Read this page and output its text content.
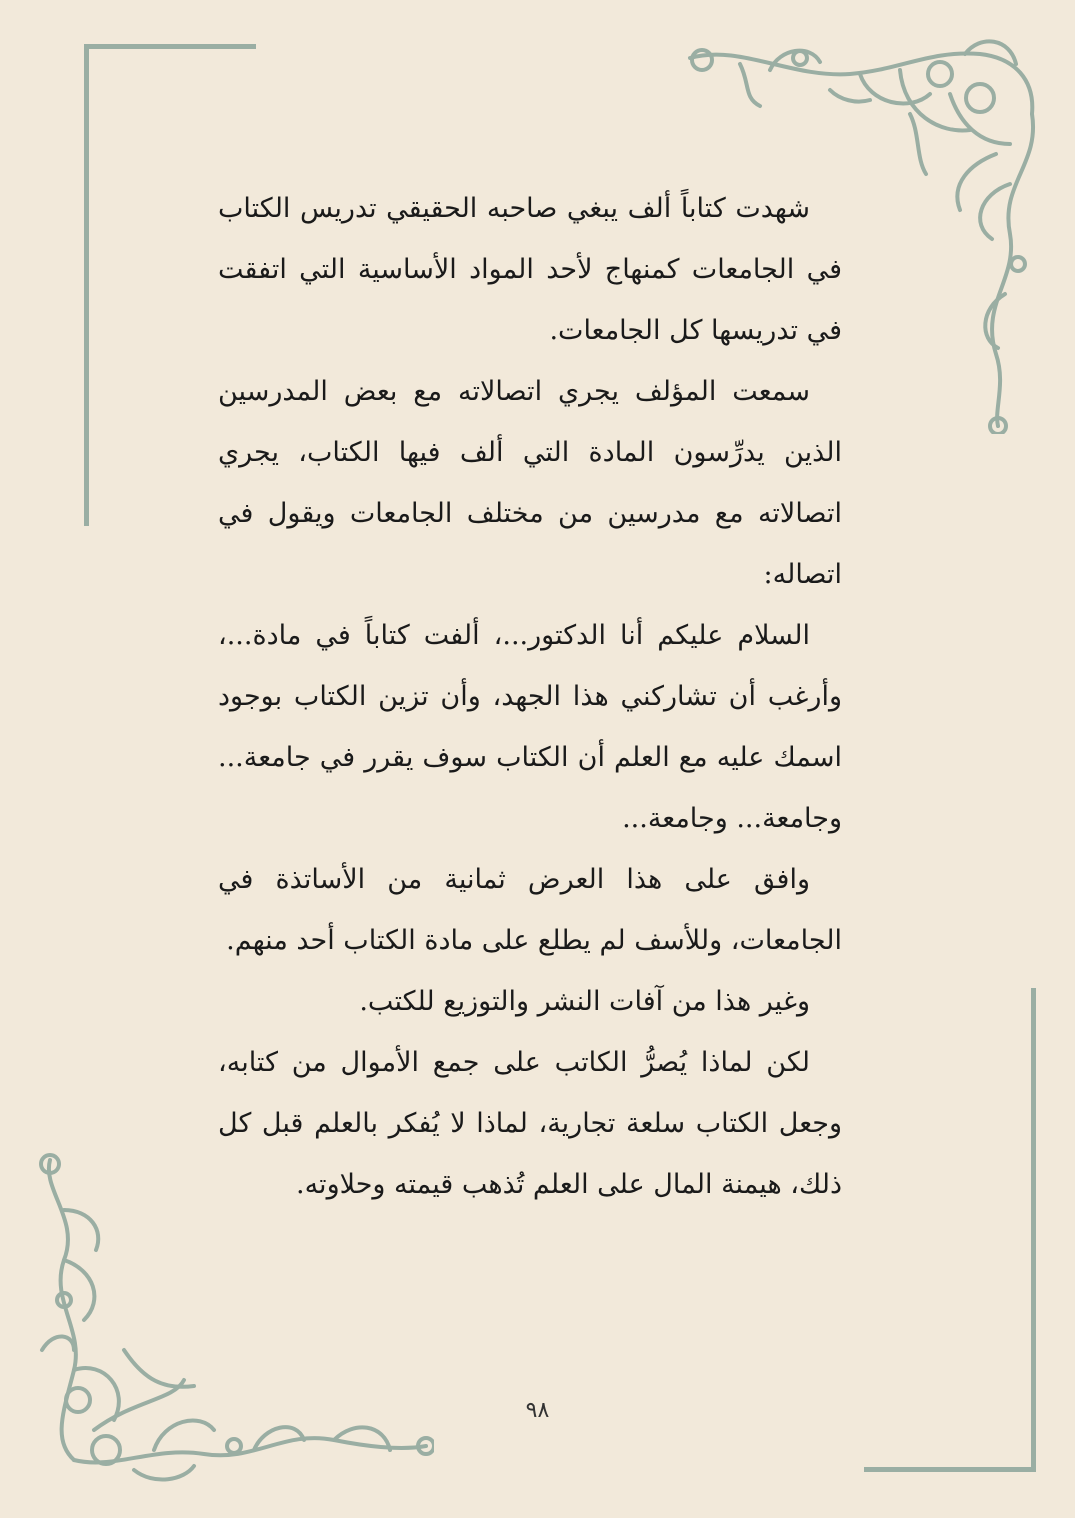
شهدت كتاباً ألف يبغي صاحبه الحقيقي تدريس الكتاب في الجامعات كمنهاج لأحد المواد الأساسية التي اتفقت في تدريسها كل الجامعات.

سمعت المؤلف يجري اتصالاته مع بعض المدرسين الذين يدرِّسون المادة التي ألف فيها الكتاب، يجري اتصالاته مع مدرسين من مختلف الجامعات ويقول في اتصاله:

السلام عليكم أنا الدكتور...، ألفت كتاباً في مادة...، وأرغب أن تشاركني هذا الجهد، وأن تزين الكتاب بوجود اسمك عليه مع العلم أن الكتاب سوف يقرر في جامعة... وجامعة... وجامعة...

وافق على هذا العرض ثمانية من الأساتذة في الجامعات، وللأسف لم يطلع على مادة الكتاب أحد منهم.

وغير هذا من آفات النشر والتوزيع للكتب.

لكن لماذا يُصرُّ الكاتب على جمع الأموال من كتابه، وجعل الكتاب سلعة تجارية، لماذا لا يُفكر بالعلم قبل كل ذلك، هيمنة المال على العلم تُذهب قيمته وحلاوته.

٩٨
